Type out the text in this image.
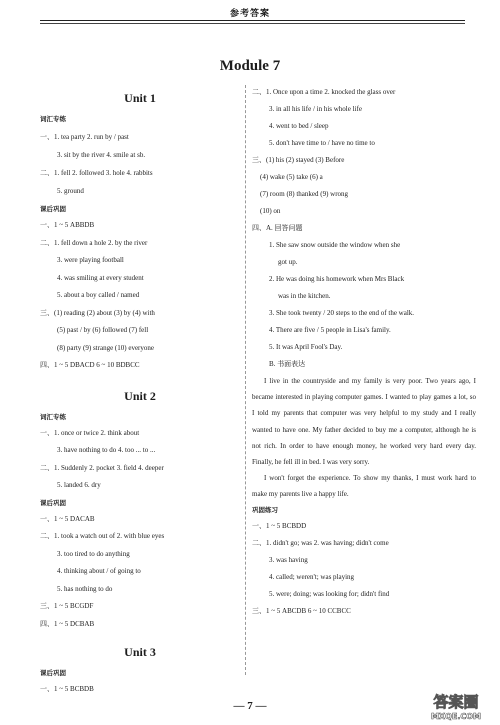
参考答案
Module 7

Unit 1

词汇专练

一、1. tea party 2. run by / past

3. sit by the river 4. smile at sb.

二、1. fell 2. followed 3. hole 4. rabbits

5. ground

课后巩固

一、1 ~ 5 ABBDB

二、1. fell down a hole 2. by the river

3. were playing football

4. was smiling at every student

5. about a boy called / named

三、(1) reading (2) about (3) by (4) with

(5) past / by (6) followed (7) fell

(8) party (9) strange (10) everyone

四、1 ~ 5 DBACD 6 ~ 10 BDBCC

Unit 2

词汇专练

一、1. once or twice 2. think about

3. have nothing to do 4. too ... to ...

二、1. Suddenly 2. pocket 3. field 4. deeper

5. landed 6. dry

课后巩固

一、1 ~ 5 DACAB

二、1. took a watch out of 2. with blue eyes

3. too tired to do anything

4. thinking about / of going to

5. has nothing to do

三、1 ~ 5 BCGDF

四、1 ~ 5 DCBAB

Unit 3

课后巩固

一、1 ~ 5 BCBDB

二、1. Once upon a time 2. knocked the glass over

3. in all his life / in his whole life

4. went to bed / sleep

5. don't have time to / have no time to

三、(1) his (2) stayed (3) Before

(4) wake (5) take (6) a

(7) room (8) thanked (9) wrong

(10) on

四、A. 回答问题

1. She saw snow outside the window when she

got up.

2. He was doing his homework when Mrs Black

was in the kitchen.

3. She took twenty / 20 steps to the end of the walk.

4. There are five / 5 people in Lisa's family.

5. It was April Fool's Day.

B. 书面表达

I live in the countryside and my family is very poor. Two years ago, I became interested in playing computer games. I wanted to play games a lot, so I told my parents that computer was very helpful to my study and I really wanted to have one. My father decided to buy me a computer, although he is not rich. In order to have enough money, he worked very hard every day. Finally, he fell ill in bed. I was very sorry.

I won't forget the experience. To show my thanks, I must work hard to make my parents live a happy life.

巩固练习

一、1 ~ 5 BCBDD

二、1. didn't go; was 2. was having; didn't come

3. was having

4. called; weren't; was playing

5. were; doing; was looking for; didn't find

三、1 ~ 5 ABCDB 6 ~ 10 CCBCC

— 7 —	答案圈
MXQE.COM
